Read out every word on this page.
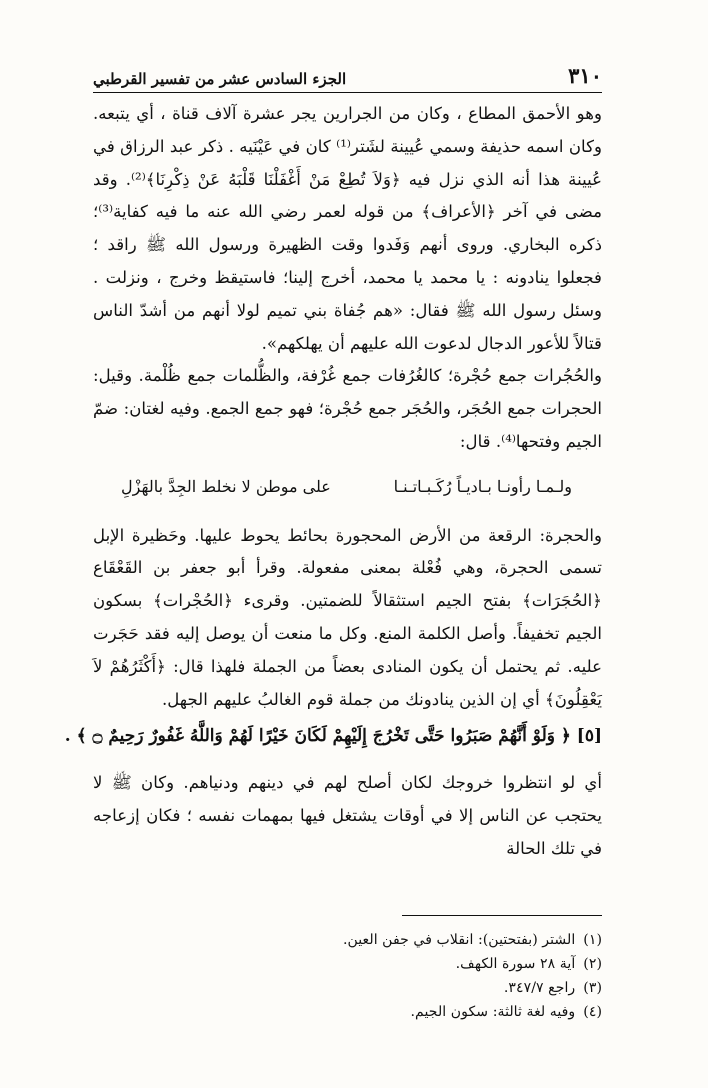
٣١٠
الجزء السادس عشر من تفسير القرطبي

وهو الأحمق المطاع ، وكان من الجرارين يجر عشرة آلاف قناة ، أي يتبعه. وكان اسمه حذيفة وسمي عُيينة لشَتر⁽¹⁾ كان في عَيْنَيه . ذكر عبد الرزاق في عُيينة هذا أنه الذي نزل فيه ﴿وَلاَ تُطِعْ مَنْ أَغْفَلْنَا قَلْبَهُ عَنْ ذِكْرِنَا﴾⁽²⁾. وقد مضى في آخر ﴿الأعراف﴾ من قوله لعمر رضي الله عنه ما فيه كفاية⁽³⁾؛ ذكره البخاري. وروى أنهم وَفَدوا وقت الظهيرة ورسول الله ﷺ راقد ؛ فجعلوا ينادونه : يا محمد يا محمد، أخرج إلينا؛ فاستيقظ وخرج ، ونزلت . وسئل رسول الله ﷺ فقال: «هم جُفاة بني تميم لولا أنهم من أشدّ الناس قتالاً للأعور الدجال لدعوت الله عليهم أن يهلكهم».

والحُجُرات جمع حُجْرة؛ كالغُرُفات جمع غُرْفة، والظُّلمات جمع ظُلْمة. وقيل: الحجرات جمع الحُجَر، والحُجَر جمع حُجْرة؛ فهو جمع الجمع. وفيه لغتان: ضمّ الجيم وفتحها⁽⁴⁾. قال:

ولـمـا رأونـا بـاديـاً رُكَـبـاتـنـا
على موطن لا نخلط الجِدَّ بالهَزْلِ

والحجرة: الرقعة من الأرض المحجورة بحائط يحوط عليها. وحَظيرة الإبل تسمى الحجرة، وهي فُعْلة بمعنى مفعولة. وقرأ أبو جعفر بن القَعْقَاع ﴿الحُجَرَات﴾ بفتح الجيم استثقالاً للضمتين. وقرىء ﴿الحُجْرات﴾ بسكون الجيم تخفيفاً. وأصل الكلمة المنع. وكل ما منعت أن يوصل إليه فقد حَجَرت عليه. ثم يحتمل أن يكون المنادى بعضاً من الجملة فلهذا قال: ﴿أَكْثَرُهُمْ لاَ يَعْقِلُونَ﴾ أي إن الذين ينادونك من جملة قوم الغالبُ عليهم الجهل.

[٥] ﴿ وَلَوْ أَنَّهُمْ صَبَرُوا حَتَّى تَخْرُجَ إِلَيْهِمْ لَكَانَ خَيْرًا لَهُمْ وَاللَّهُ غَفُورٌ رَحِيمٌ ۝ ﴾ .

أي لو انتظروا خروجك لكان أصلح لهم في دينهم ودنياهم. وكان ﷺ لا يحتجب عن الناس إلا في أوقات يشتغل فيها بمهمات نفسه ؛ فكان إزعاجه في تلك الحالة

(١)الشتر (بفتحتين): انقلاب في جفن العين.
(٢)آية ٢٨ سورة الكهف.
(٣)راجع ٣٤٧/٧.
(٤)وفيه لغة ثالثة: سكون الجيم.
